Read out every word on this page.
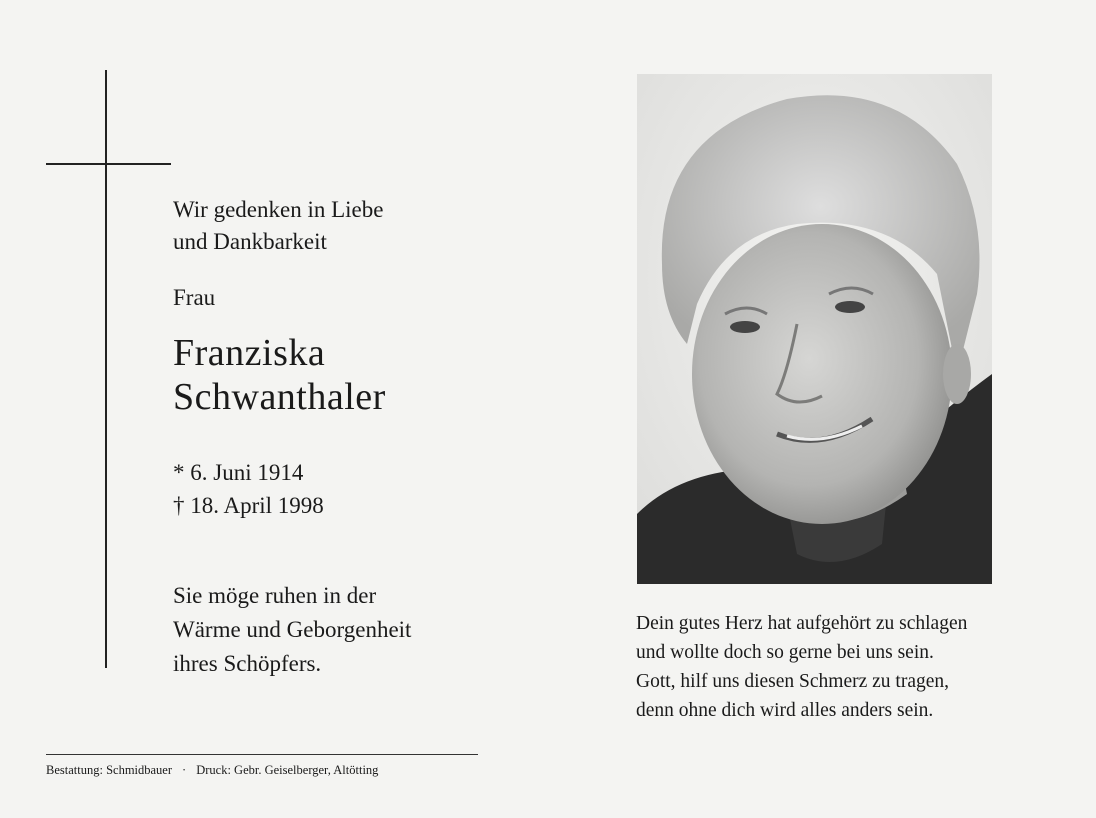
Wir gedenken in Liebe
und Dankbarkeit
Frau
Franziska
Schwanthaler
* 6. Juni 1914
† 18. April 1998
Sie möge ruhen in der
Wärme und Geborgenheit
ihres Schöpfers.
Dein gutes Herz hat aufgehört zu schlagen
und wollte doch so gerne bei uns sein.
Gott, hilf uns diesen Schmerz zu tragen,
denn ohne dich wird alles anders sein.
Bestattung: Schmidbauer · Druck: Gebr. Geiselberger, Altötting
